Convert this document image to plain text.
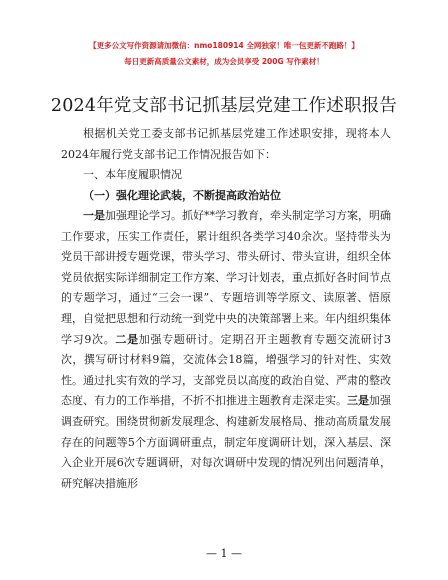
【更多公文写作资源请加微信：nmo180914 全网独家！唯一包更新不跑路！】
每日更新高质量公文素材，成为会员享受 200G 写作素材！
2024年党支部书记抓基层党建工作述职报告
根据机关党工委支部书记抓基层党建工作述职安排，现将本人2024年履行党支部书记工作情况报告如下：
一、本年度履职情况
（一）强化理论武装，不断提高政治站位
一是加强理论学习。抓好**学习教育，牵头制定学习方案，明确工作要求，压实工作责任，累计组织各类学习40余次。坚持带头为党员干部讲授专题党课，带头学习、带头研讨、带头宣讲，组织全体党员依据实际详细制定工作方案、学习计划表，重点抓好各时间节点的专题学习，通过“三会一课”、专题培训等学原文、读原著、悟原理，自觉把思想和行动统一到党中央的决策部署上来。年内组织集体学习9次。二是加强专题研讨。定期召开主题教育专题交流研讨3次，撰写研讨材料9篇，交流体会18篇，增强学习的针对性、实效性。通过扎实有效的学习，支部党员以高度的政治自觉、严肃的整改态度、有力的工作举措，不折不扣推进主题教育走深走实。三是加强调查研究。围绕贯彻新发展理念、构建新发展格局、推动高质量发展存在的问题等5个方面调研重点，制定年度调研计划，深入基层、深入企业开展6次专题调研，对每次调研中发现的情况列出问题清单，研究解决措施形
— 1 —
